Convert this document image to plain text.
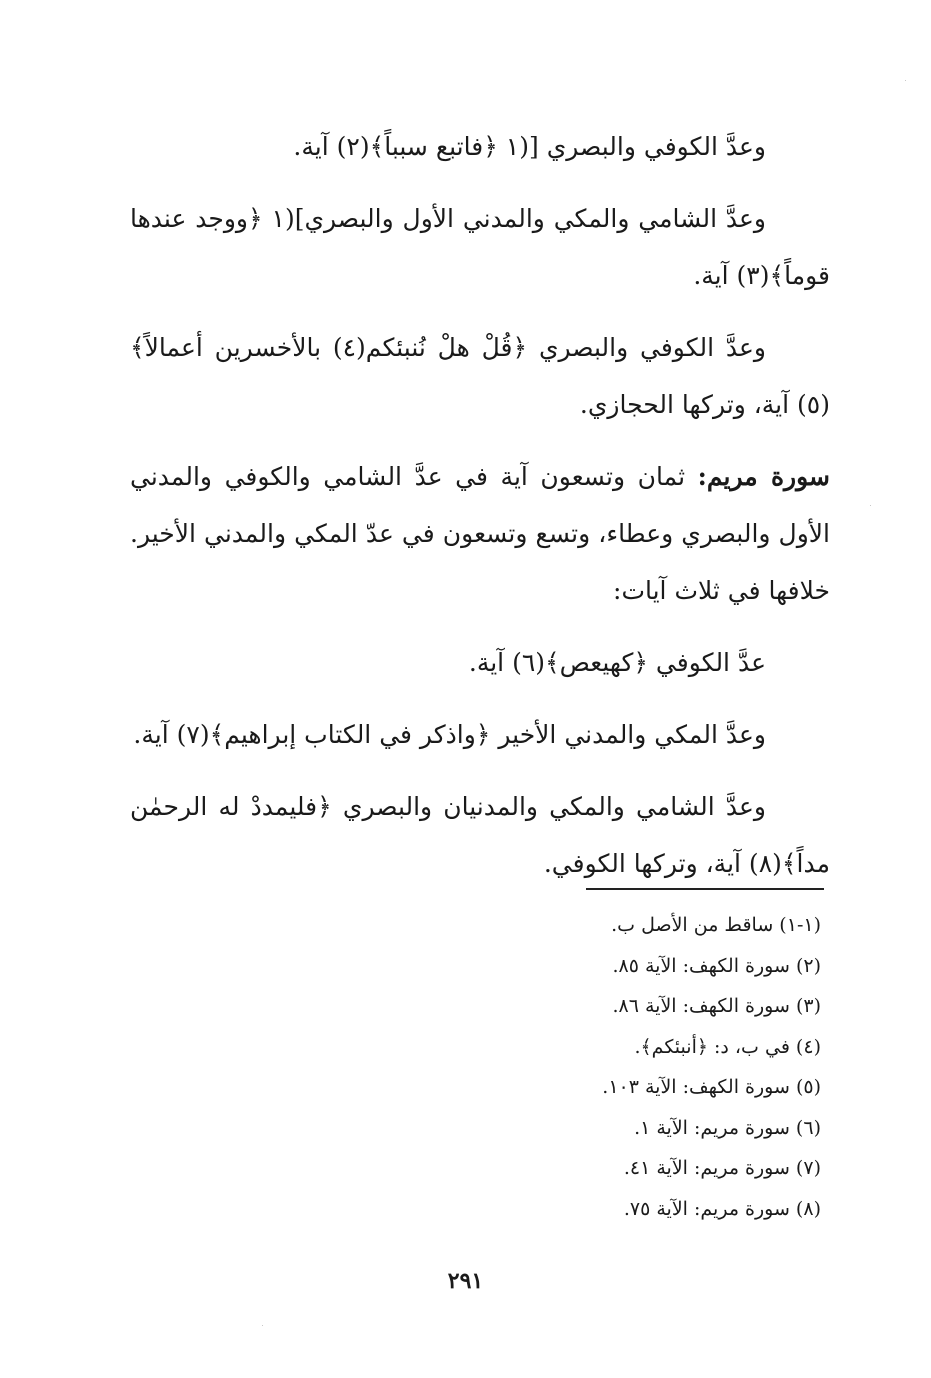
وعدَّ الكوفي والبصري [(١ ﴿فاتبع سبباً﴾(٢) آية.

وعدَّ الشامي والمكي والمدني الأول والبصري](١ ﴿ووجد عندها قوماً﴾(٣) آية.

وعدَّ الكوفي والبصري ﴿قُلْ هلْ نُنبئكم(٤) بالأخسرين أعمالاً﴾(٥) آية، وتركها الحجازي.

سورة مريم: ثمان وتسعون آية في عدَّ الشامي والكوفي والمدني الأول والبصري وعطاء، وتسع وتسعون في عدّ المكي والمدني الأخير. خلافها في ثلاث آيات:

عدَّ الكوفي ﴿كهيعص﴾(٦) آية.

وعدَّ المكي والمدني الأخير ﴿واذكر في الكتاب إبراهيم﴾(٧) آية.

وعدَّ الشامي والمكي والمدنيان والبصري ﴿فليمددْ له الرحمٰن مداً﴾(٨) آية، وتركها الكوفي.

(١-١) ساقط من الأصل ب.
(٢) سورة الكهف: الآية ٨٥.
(٣) سورة الكهف: الآية ٨٦.
(٤) في ب، د: ﴿أنبئكم﴾.
(٥) سورة الكهف: الآية ١٠٣.
(٦) سورة مريم: الآية ١.
(٧) سورة مريم: الآية ٤١.
(٨) سورة مريم: الآية ٧٥.
٢٩١
